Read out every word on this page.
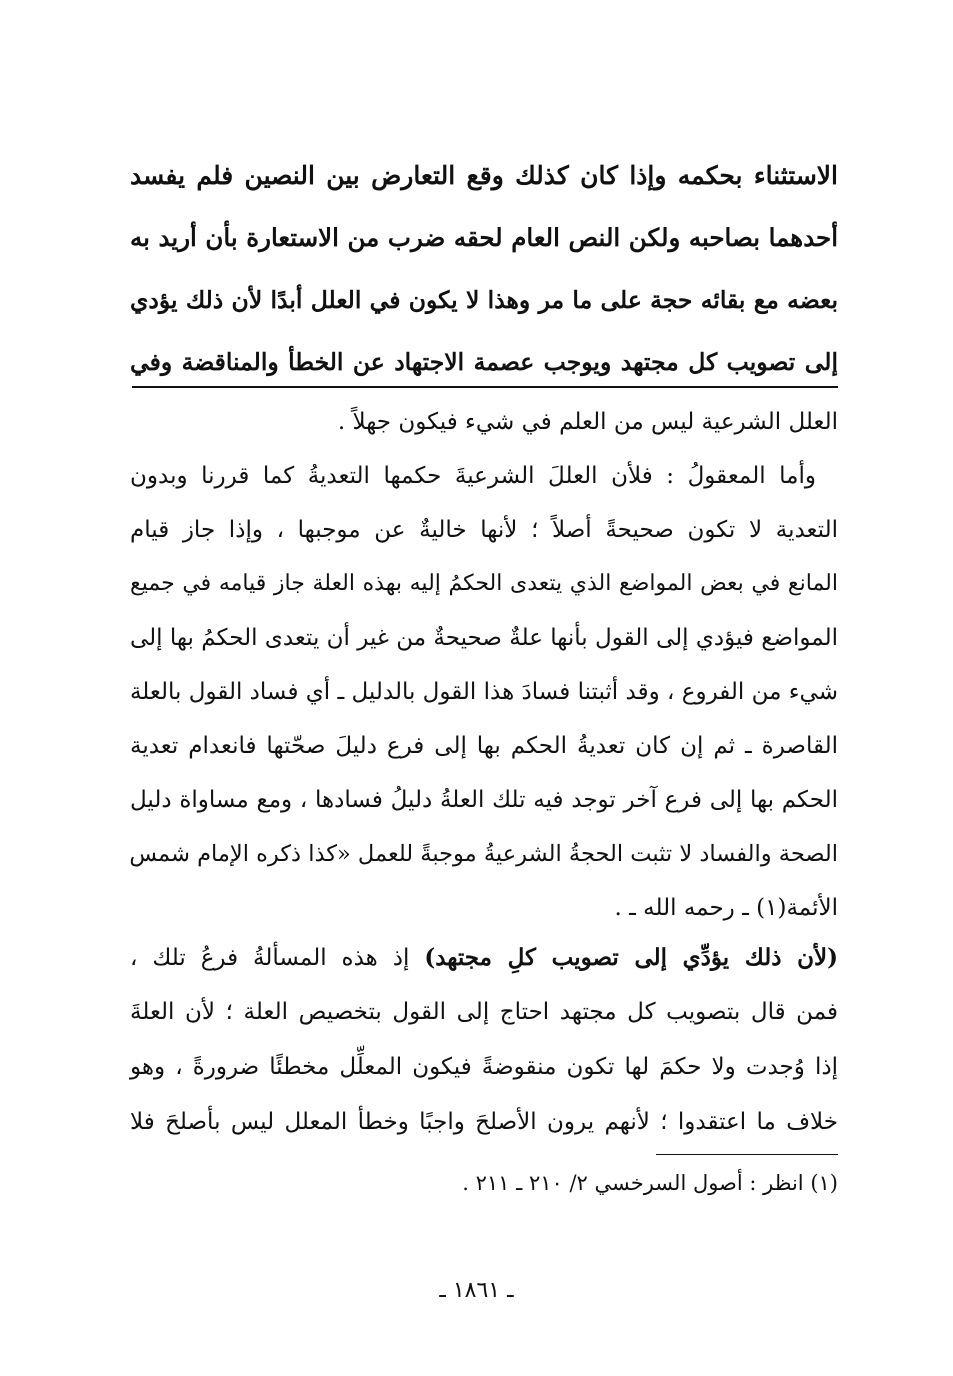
الاستثناء بحكمه وإذا كان كذلك وقع التعارض بين النصين فلم يفسد
أحدهما بصاحبه ولكن النص العام لحقه ضرب من الاستعارة بأن أريد به
بعضه مع بقائه حجة على ما مر وهذا لا يكون في العلل أبدًا لأن ذلك يؤدي
إلى تصويب كل مجتهد ويوجب عصمة الاجتهاد عن الخطأ والمناقضة وفي
العلل الشرعية ليس من العلم في شيء فيكون جهلاً .
وأما المعقولُ : فلأن العللَ الشرعيةَ حكمها التعديةُ كما قررنا وبدون
التعدية لا تكون صحيحةً أصلاً ؛ لأنها خاليةٌ عن موجبها ، وإذا جاز قيام
المانع في بعض المواضع الذي يتعدى الحكمُ إليه بهذه العلة جاز قيامه في جميع
المواضع فيؤدي إلى القول بأنها علةٌ صحيحةٌ من غير أن يتعدى الحكمُ بها إلى
شيء من الفروع ، وقد أثبتنا فسادَ هذا القول بالدليل ـ أي فساد القول بالعلة
القاصرة ـ ثم إن كان تعديةُ الحكم بها إلى فرع دليلَ صحّتها فانعدام تعدية
الحكم بها إلى فرع آخر توجد فيه تلك العلةُ دليلُ فسادها ، ومع مساواة دليل
الصحة والفساد لا تثبت الحجةُ الشرعيةُ موجبةً للعمل «كذا ذكره الإمام شمس
الأئمة(١) ـ رحمه الله ـ .
(لأن ذلك يؤدِّي إلى تصويب كلِ مجتهد) إذ هذه المسألةُ فرعُ تلك ،
فمن قال بتصويب كل مجتهد احتاج إلى القول بتخصيص العلة ؛ لأن العلةَ
إذا وُجدت ولا حكمَ لها تكون منقوضةً فيكون المعلِّل مخطئًا ضرورةً ، وهو
خلاف ما اعتقدوا ؛ لأنهم يرون الأصلحَ واجبًا وخطأ المعلل ليس بأصلحَ فلا
(١) انظر : أصول السرخسي ٢/ ٢١٠ ـ ٢١١ .
ـ ١٨٦١ ـ
